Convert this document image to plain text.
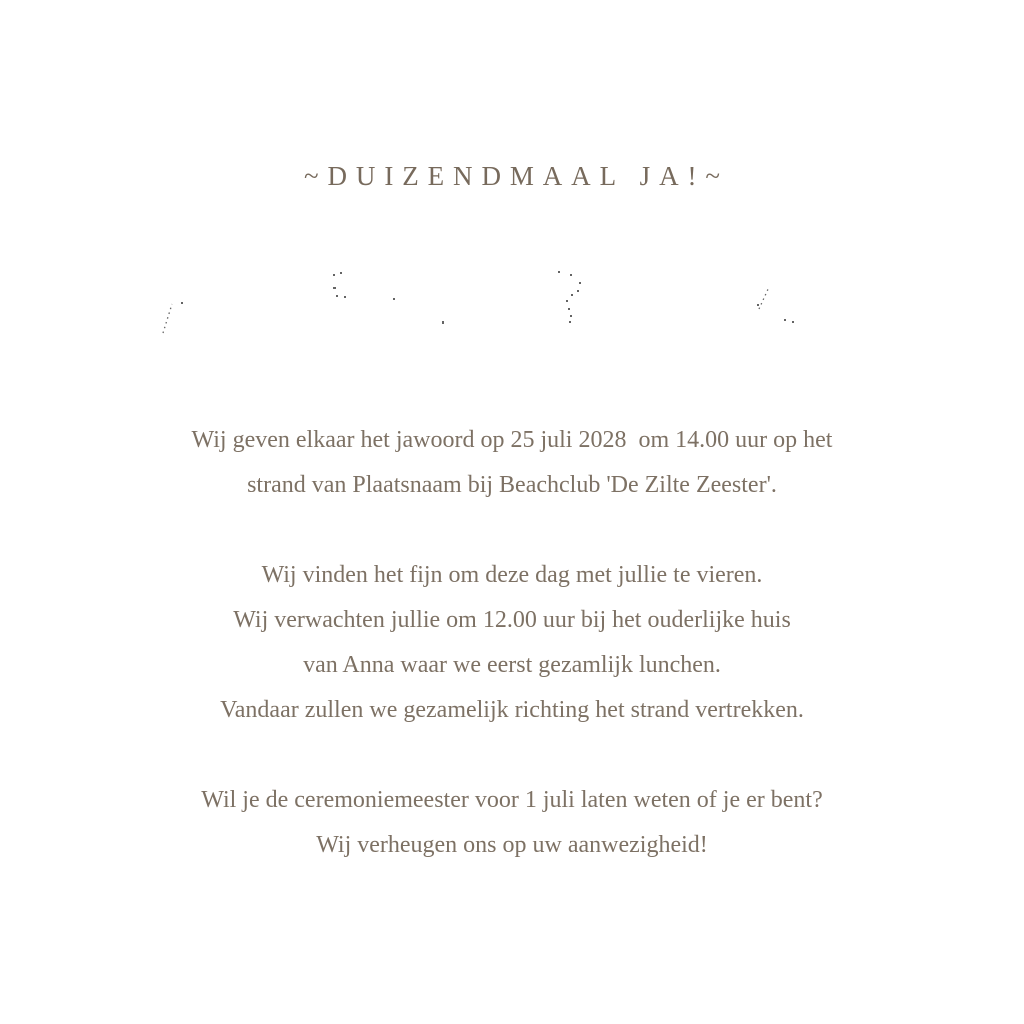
~DUIZENDMAAL JA!~
Wij geven elkaar het jawoord op 25 juli 2028  om 14.00 uur op het
strand van Plaatsnaam bij Beachclub 'De Zilte Zeester'.
Wij vinden het fijn om deze dag met jullie te vieren.
Wij verwachten jullie om 12.00 uur bij het ouderlijke huis
van Anna waar we eerst gezamlijk lunchen.
Vandaar zullen we gezamelijk richting het strand vertrekken.
Wil je de ceremoniemeester voor 1 juli laten weten of je er bent?
Wij verheugen ons op uw aanwezigheid!
